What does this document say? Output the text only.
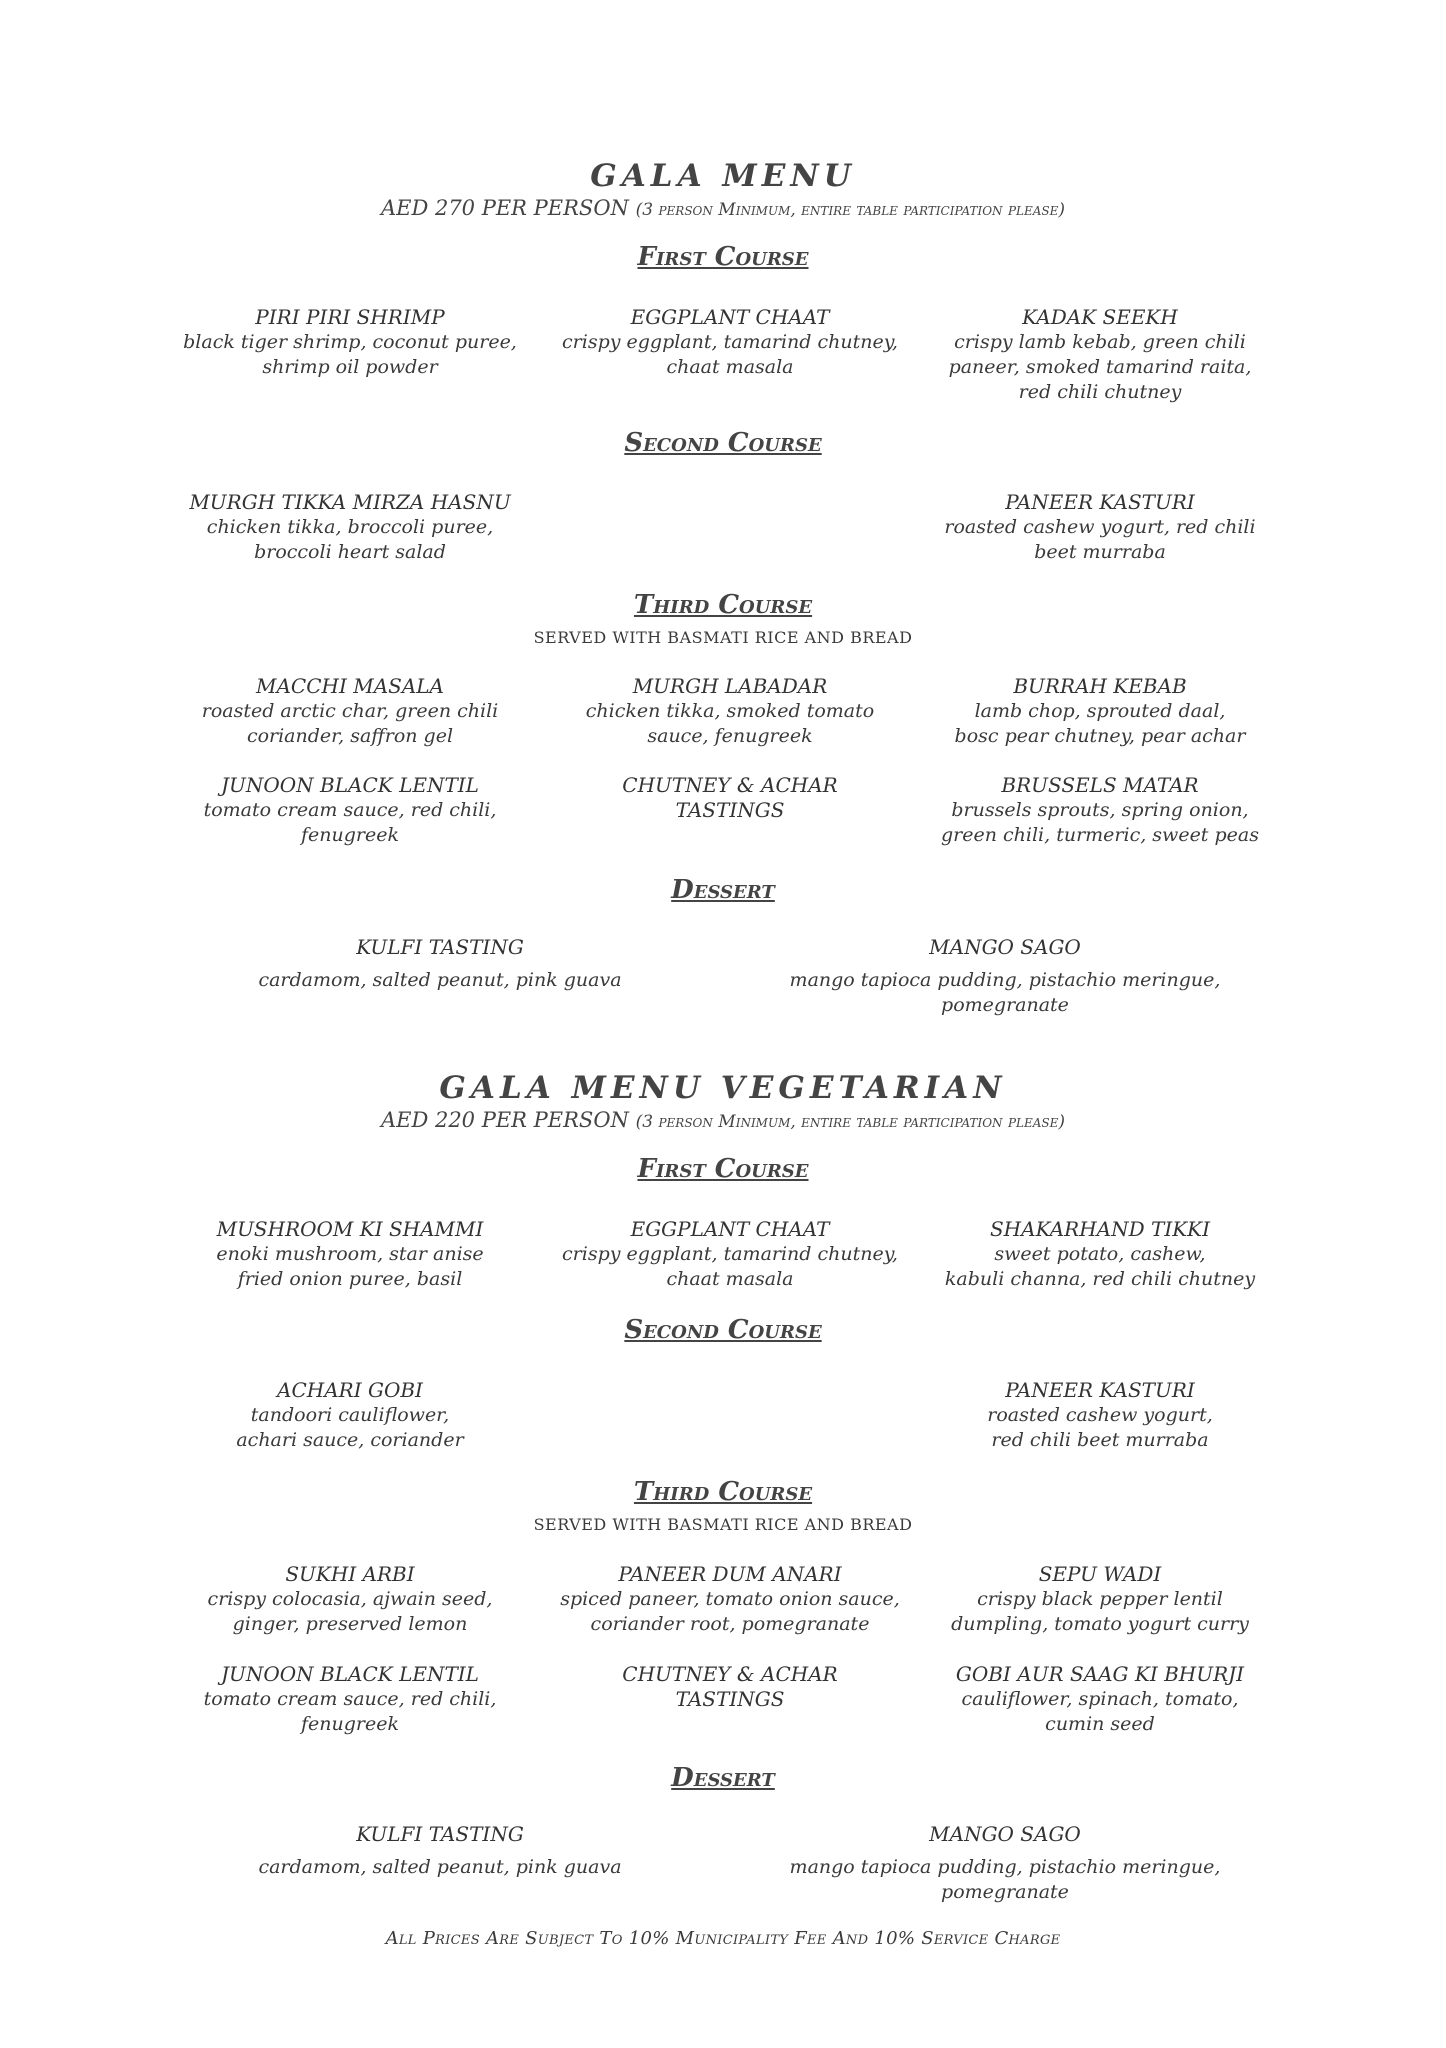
GALA MENU
AED 270 PER PERSON (3 person Minimum, entire table participation please)
First Course
PIRI PIRI SHRIMP
black tiger shrimp, coconut puree,
shrimp oil powder
EGGPLANT CHAAT
crispy eggplant, tamarind chutney,
chaat masala
KADAK SEEKH
crispy lamb kebab, green chili
paneer, smoked tamarind raita,
red chili chutney
Second Course
MURGH TIKKA MIRZA HASNU
chicken tikka, broccoli puree,
broccoli heart salad
PANEER KASTURI
roasted cashew yogurt, red chili
beet murraba
Third Course
SERVED WITH BASMATI RICE AND BREAD
MACCHI MASALA
roasted arctic char, green chili
coriander, saffron gel
MURGH LABADAR
chicken tikka, smoked tomato
sauce, fenugreek
BURRAH KEBAB
lamb chop, sprouted daal,
bosc pear chutney, pear achar
JUNOON BLACK LENTIL
tomato cream sauce, red chili,
fenugreek
CHUTNEY & ACHAR
TASTINGS
BRUSSELS MATAR
brussels sprouts, spring onion,
green chili, turmeric, sweet peas
Dessert
KULFI TASTING
cardamom, salted peanut, pink guava
MANGO SAGO
mango tapioca pudding, pistachio meringue,
pomegranate
GALA MENU VEGETARIAN
AED 220 PER PERSON (3 person Minimum, entire table participation please)
First Course
MUSHROOM KI SHAMMI
enoki mushroom, star anise
fried onion puree, basil
EGGPLANT CHAAT
crispy eggplant, tamarind chutney,
chaat masala
SHAKARHAND TIKKI
sweet potato, cashew,
kabuli channa, red chili chutney
Second Course
ACHARI GOBI
tandoori cauliflower,
achari sauce, coriander
PANEER KASTURI
roasted cashew yogurt,
red chili beet murraba
Third Course
SERVED WITH BASMATI RICE AND BREAD
SUKHI ARBI
crispy colocasia, ajwain seed,
ginger, preserved lemon
PANEER DUM ANARI
spiced paneer, tomato onion sauce,
coriander root, pomegranate
SEPU WADI
crispy black pepper lentil
dumpling, tomato yogurt curry
JUNOON BLACK LENTIL
tomato cream sauce, red chili,
fenugreek
CHUTNEY & ACHAR
TASTINGS
GOBI AUR SAAG KI BHURJI
cauliflower, spinach, tomato,
cumin seed
Dessert
KULFI TASTING
cardamom, salted peanut, pink guava
MANGO SAGO
mango tapioca pudding, pistachio meringue,
pomegranate
All Prices Are Subject To 10% Municipality Fee And 10% Service Charge
